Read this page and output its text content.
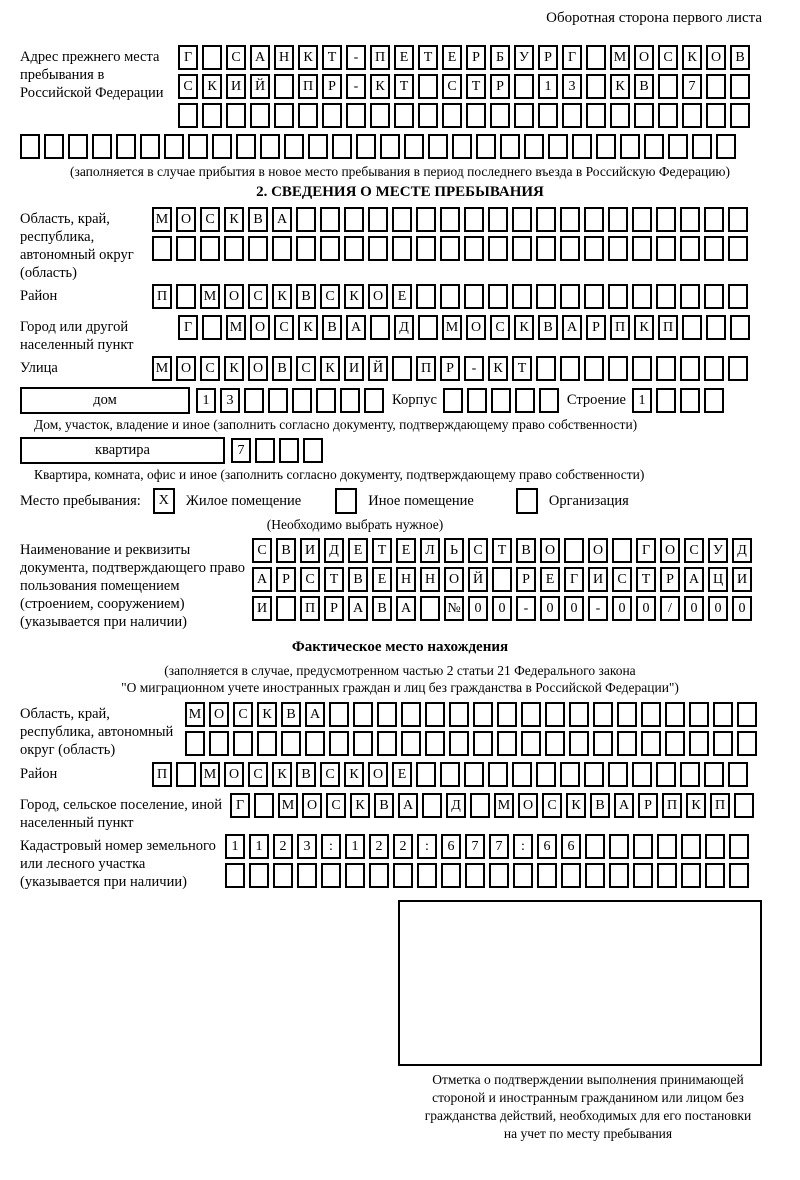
Оборотная сторона первого листа
Адрес прежнего места пребывания в Российской Федерации
Г	С	А Н	К	Т	-	П	Е	Т	Е	Р	Б	У	Р	Г	М О	С	К	О	В
С	К	И Й	П	Р	-	К	Т	С	Т	Р	1	3	К	В	7
(заполняется в случае прибытия в новое место пребывания в период последнего въезда в Российскую Федерацию)
2. СВЕДЕНИЯ О МЕСТЕ ПРЕБЫВАНИЯ
Область, край, республика, автономный округ (область)
М О	С	К	В	А
Район	П	М О	С	К	В	С	К	О	Е
Город или другой населенный пункт
Г	М О	С	К	В	А	Д	М О	С	К	В	А	Р	П	К	П
Улица	М О	С	К	О	В	С	К	И Й	П	Р	-	К	Т
дом	1	3	Корпус	Строение 1
Дом, участок, владение и иное (заполнить согласно документу, подтверждающему право собственности)
квартира	7
Квартира, комната, офис и иное (заполнить согласно документу, подтверждающему право собственности)
Место пребывания:	X	Жилое помещение	Иное помещение	Организация
(Необходимо выбрать нужное)
Наименование и реквизиты документа, подтверждающего право пользования помещением (строением, сооружением) (указывается при наличии)
С	В	И	Д	Е	Т	Е	Л	Ь	С	Т	В	О	О	Г	О	С	У	Д
А	Р	С	Т	В	Е	Н Н О Й	Р	Е	Г	И	С	Т	Р	А Ц И
И	П	Р	А	В	А	№ 0	0	-	0	0	-	0	0	/	0	0	0
Фактическое место нахождения
(заполняется в случае, предусмотренном частью 2 статьи 21 Федерального закона
"О миграционном учете иностранных граждан и лиц без гражданства в Российской Федерации")
Область, край, республика, автономный округ (область)
М О	С	К	В	А
Район	П	М О	С	К	В	С	К	О	Е
Город, сельское поселение, иной населенный пункт
Г	М О	С	К	В	А	Д	М О	С	К	В	А	Р	П	К	П
Кадастровый номер земельного или лесного участка (указывается при наличии)
1	1	2	3	:	1	2	2	:	6	7	7	:	6	6
Отметка о подтверждении выполнения принимающей
стороной и иностранным гражданином или лицом без
гражданства действий, необходимых для его постановки
на учет по месту пребывания
